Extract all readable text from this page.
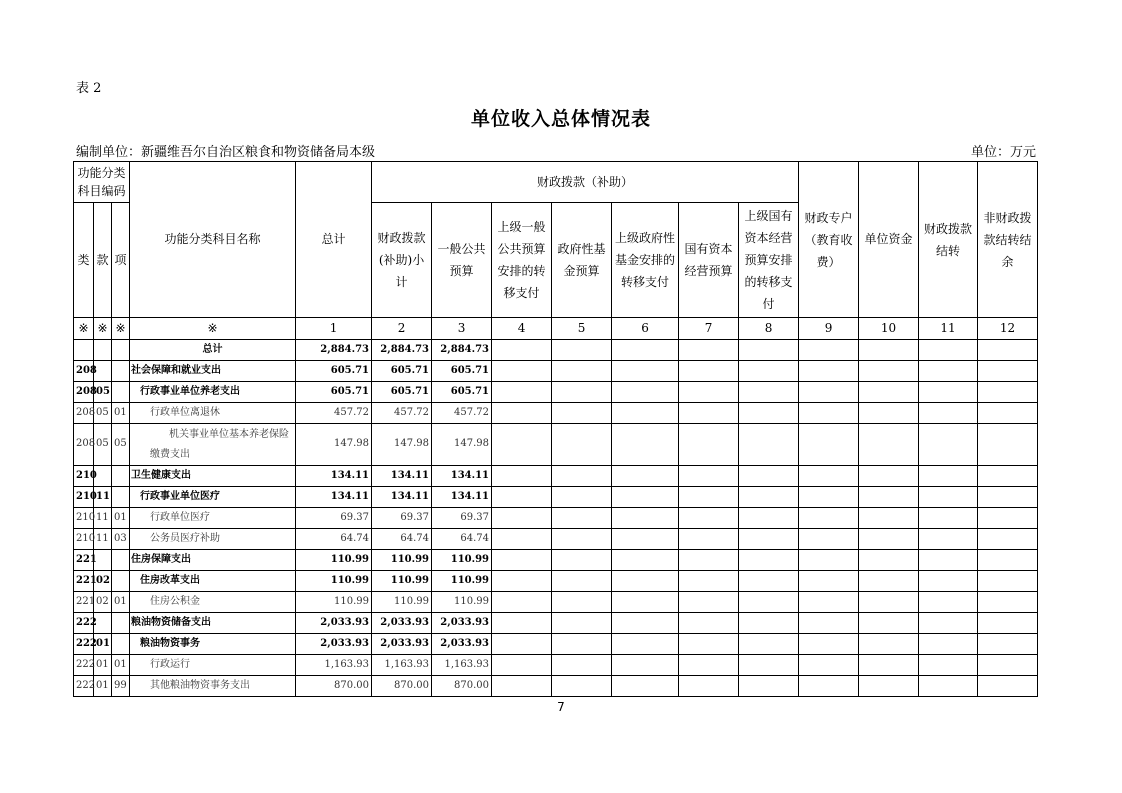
表 2
单位收入总体情况表
编制单位：新疆维吾尔自治区粮食和物资储备局本级	单位：万元
功能分类科目编码			功能分类科目名称	总计	财政拨款（补助）							财政专户（教育收费）	单位资金	财政拨款结转	非财政拨款结转结余

类	款	项			财政拨款(补助)小计	一般公共预算	上级一般公共预算安排的转移支付	政府性基金预算	上级政府性基金安排的转移支付	国有资本经营预算	上级国有资本经营预算安排的转移支付				

※	※	※	※	1	2	3	4	5	6	7	8	9	10	11	12
			总计	2,884.73	2,884.73	2,884.73									
208			社会保障和就业支出	605.71	605.71	605.71									
208	05		行政事业单位养老支出	605.71	605.71	605.71									
208	05	01	行政单位离退休	457.72	457.72	457.72									
208	05	05	机关事业单位基本养老保险缴费支出	147.98	147.98	147.98									
210			卫生健康支出	134.11	134.11	134.11									
210	11		行政事业单位医疗	134.11	134.11	134.11									
210	11	01	行政单位医疗	69.37	69.37	69.37									
210	11	03	公务员医疗补助	64.74	64.74	64.74									
221			住房保障支出	110.99	110.99	110.99									
221	02		住房改革支出	110.99	110.99	110.99									
221	02	01	住房公积金	110.99	110.99	110.99									
222			粮油物资储备支出	2,033.93	2,033.93	2,033.93									
222	01		粮油物资事务	2,033.93	2,033.93	2,033.93									
222	01	01	行政运行	1,163.93	1,163.93	1,163.93									
222	01	99	其他粮油物资事务支出	870.00	870.00	870.00									
7
